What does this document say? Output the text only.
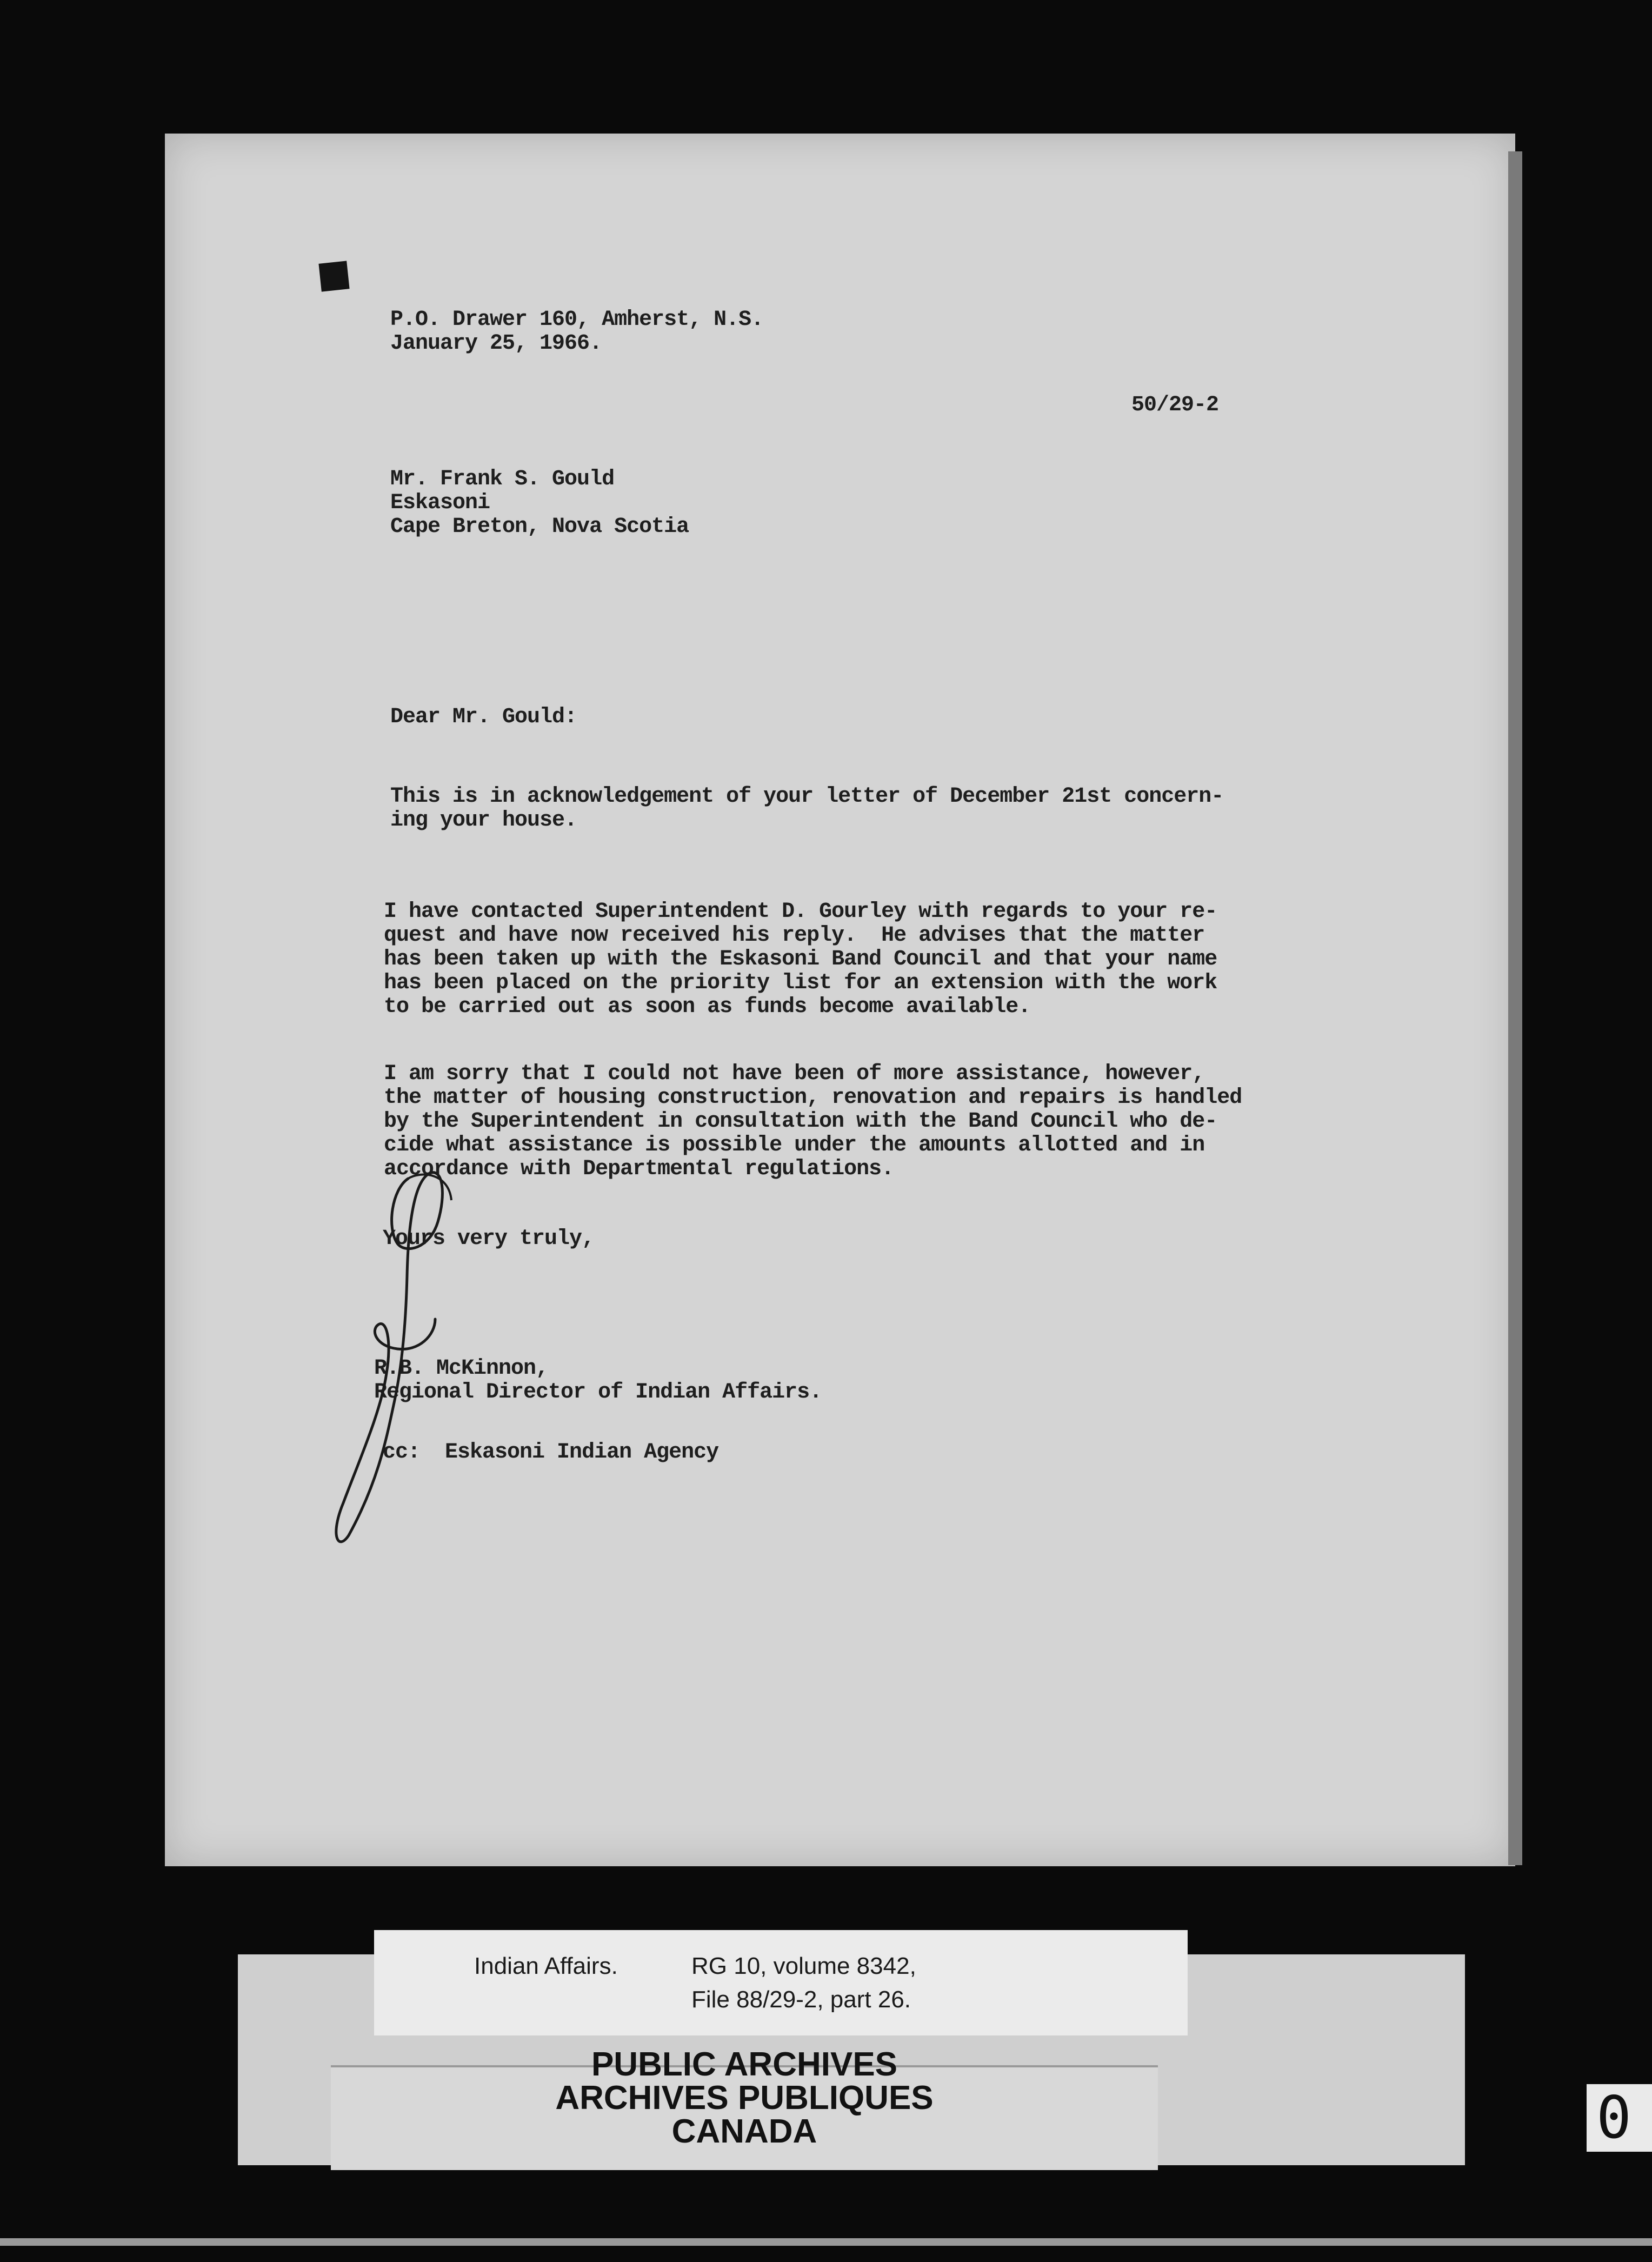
P.O. Drawer 160, Amherst, N.S.
January 25, 1966.
50/29-2
Mr. Frank S. Gould
Eskasoni
Cape Breton, Nova Scotia
Dear Mr. Gould:
This is in acknowledgement of your letter of December 21st concern-
ing your house.
I have contacted Superintendent D. Gourley with regards to your re-
quest and have now received his reply.  He advises that the matter
has been taken up with the Eskasoni Band Council and that your name
has been placed on the priority list for an extension with the work
to be carried out as soon as funds become available.
I am sorry that I could not have been of more assistance, however,
the matter of housing construction, renovation and repairs is handled
by the Superintendent in consultation with the Band Council who de-
cide what assistance is possible under the amounts allotted and in
accordance with Departmental regulations.
Yours very truly,
R.B. McKinnon,
Regional Director of Indian Affairs.
cc:  Eskasoni Indian Agency
Indian Affairs.	RG 10, volume 8342,
File 88/29-2, part 26.
PUBLIC ARCHIVES
ARCHIVES PUBLIQUES
CANADA	0
